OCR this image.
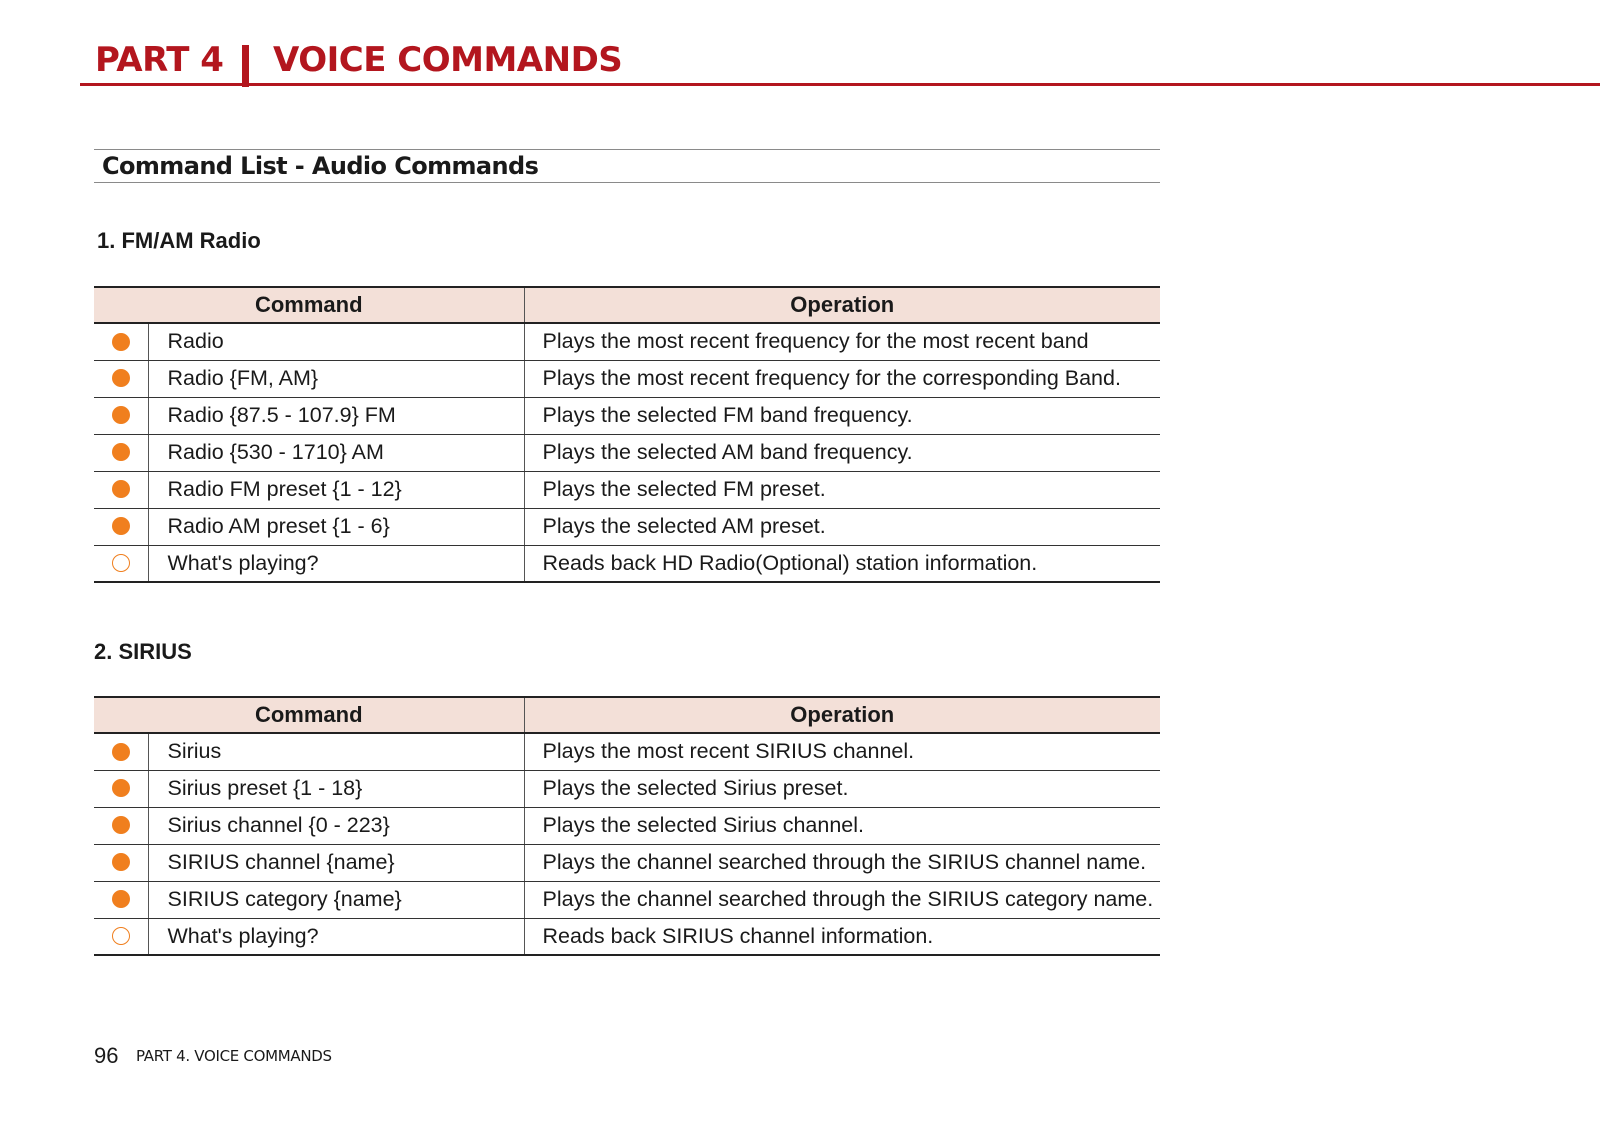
PART 4 VOICE COMMANDS
Command List - Audio Commands
1. FM/AM Radio
Command		Operation
	Radio	Plays the most recent frequency for the most recent band
	Radio {FM, AM}	Plays the most recent frequency for the corresponding Band.
	Radio {87.5 - 107.9} FM	Plays the selected FM band frequency.
	Radio {530 - 1710} AM	Plays the selected AM band frequency.
	Radio FM preset {1 - 12}	Plays the selected FM preset.
	Radio AM preset {1 - 6}	Plays the selected AM preset.
	What's playing?	Reads back HD Radio(Optional) station information.
2. SIRIUS
Command		Operation
	Sirius	Plays the most recent SIRIUS channel.
	Sirius preset {1 - 18}	Plays the selected Sirius preset.
	Sirius channel {0 - 223}	Plays the selected Sirius channel.
	SIRIUS channel {name}	Plays the channel searched through the SIRIUS channel name.
	SIRIUS category {name}	Plays the channel searched through the SIRIUS category name.
	What's playing?	Reads back SIRIUS channel information.
96 PART 4. VOICE COMMANDS
